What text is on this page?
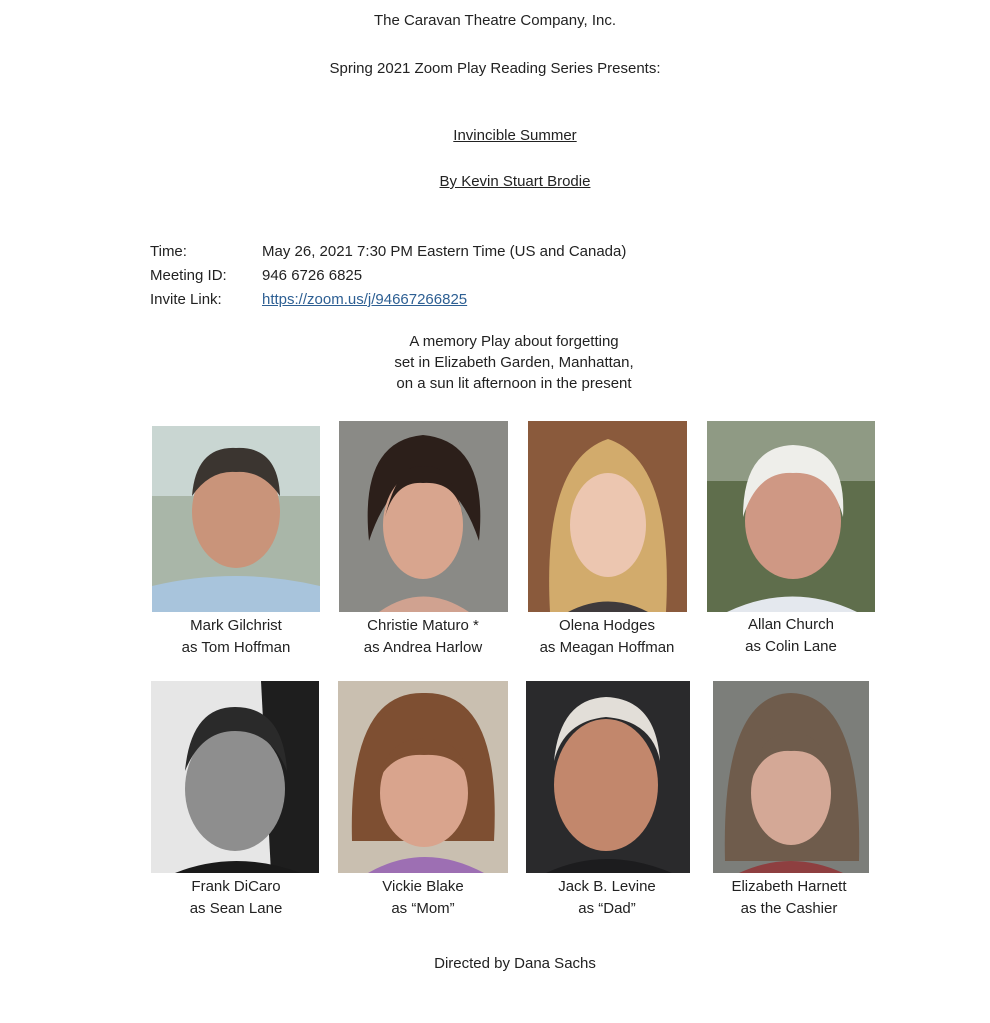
The Caravan Theatre Company, Inc.
Spring 2021 Zoom Play Reading Series Presents:
Invincible Summer
By Kevin Stuart Brodie
Time:	May 26, 2021 7:30 PM Eastern Time (US and Canada)
Meeting ID:	946 6726 6825
Invite Link:	https://zoom.us/j/94667266825
A memory Play about forgetting
set in Elizabeth Garden, Manhattan,
on a sun lit afternoon in the present
Mark Gilchrist
as Tom Hoffman
Christie Maturo *
as Andrea Harlow
Olena Hodges
as Meagan Hoffman
Allan Church
as Colin Lane
Frank DiCaro
as Sean Lane
Vickie Blake
as “Mom”
Jack B. Levine
as “Dad”
Elizabeth Harnett
as the Cashier
Directed by Dana Sachs
